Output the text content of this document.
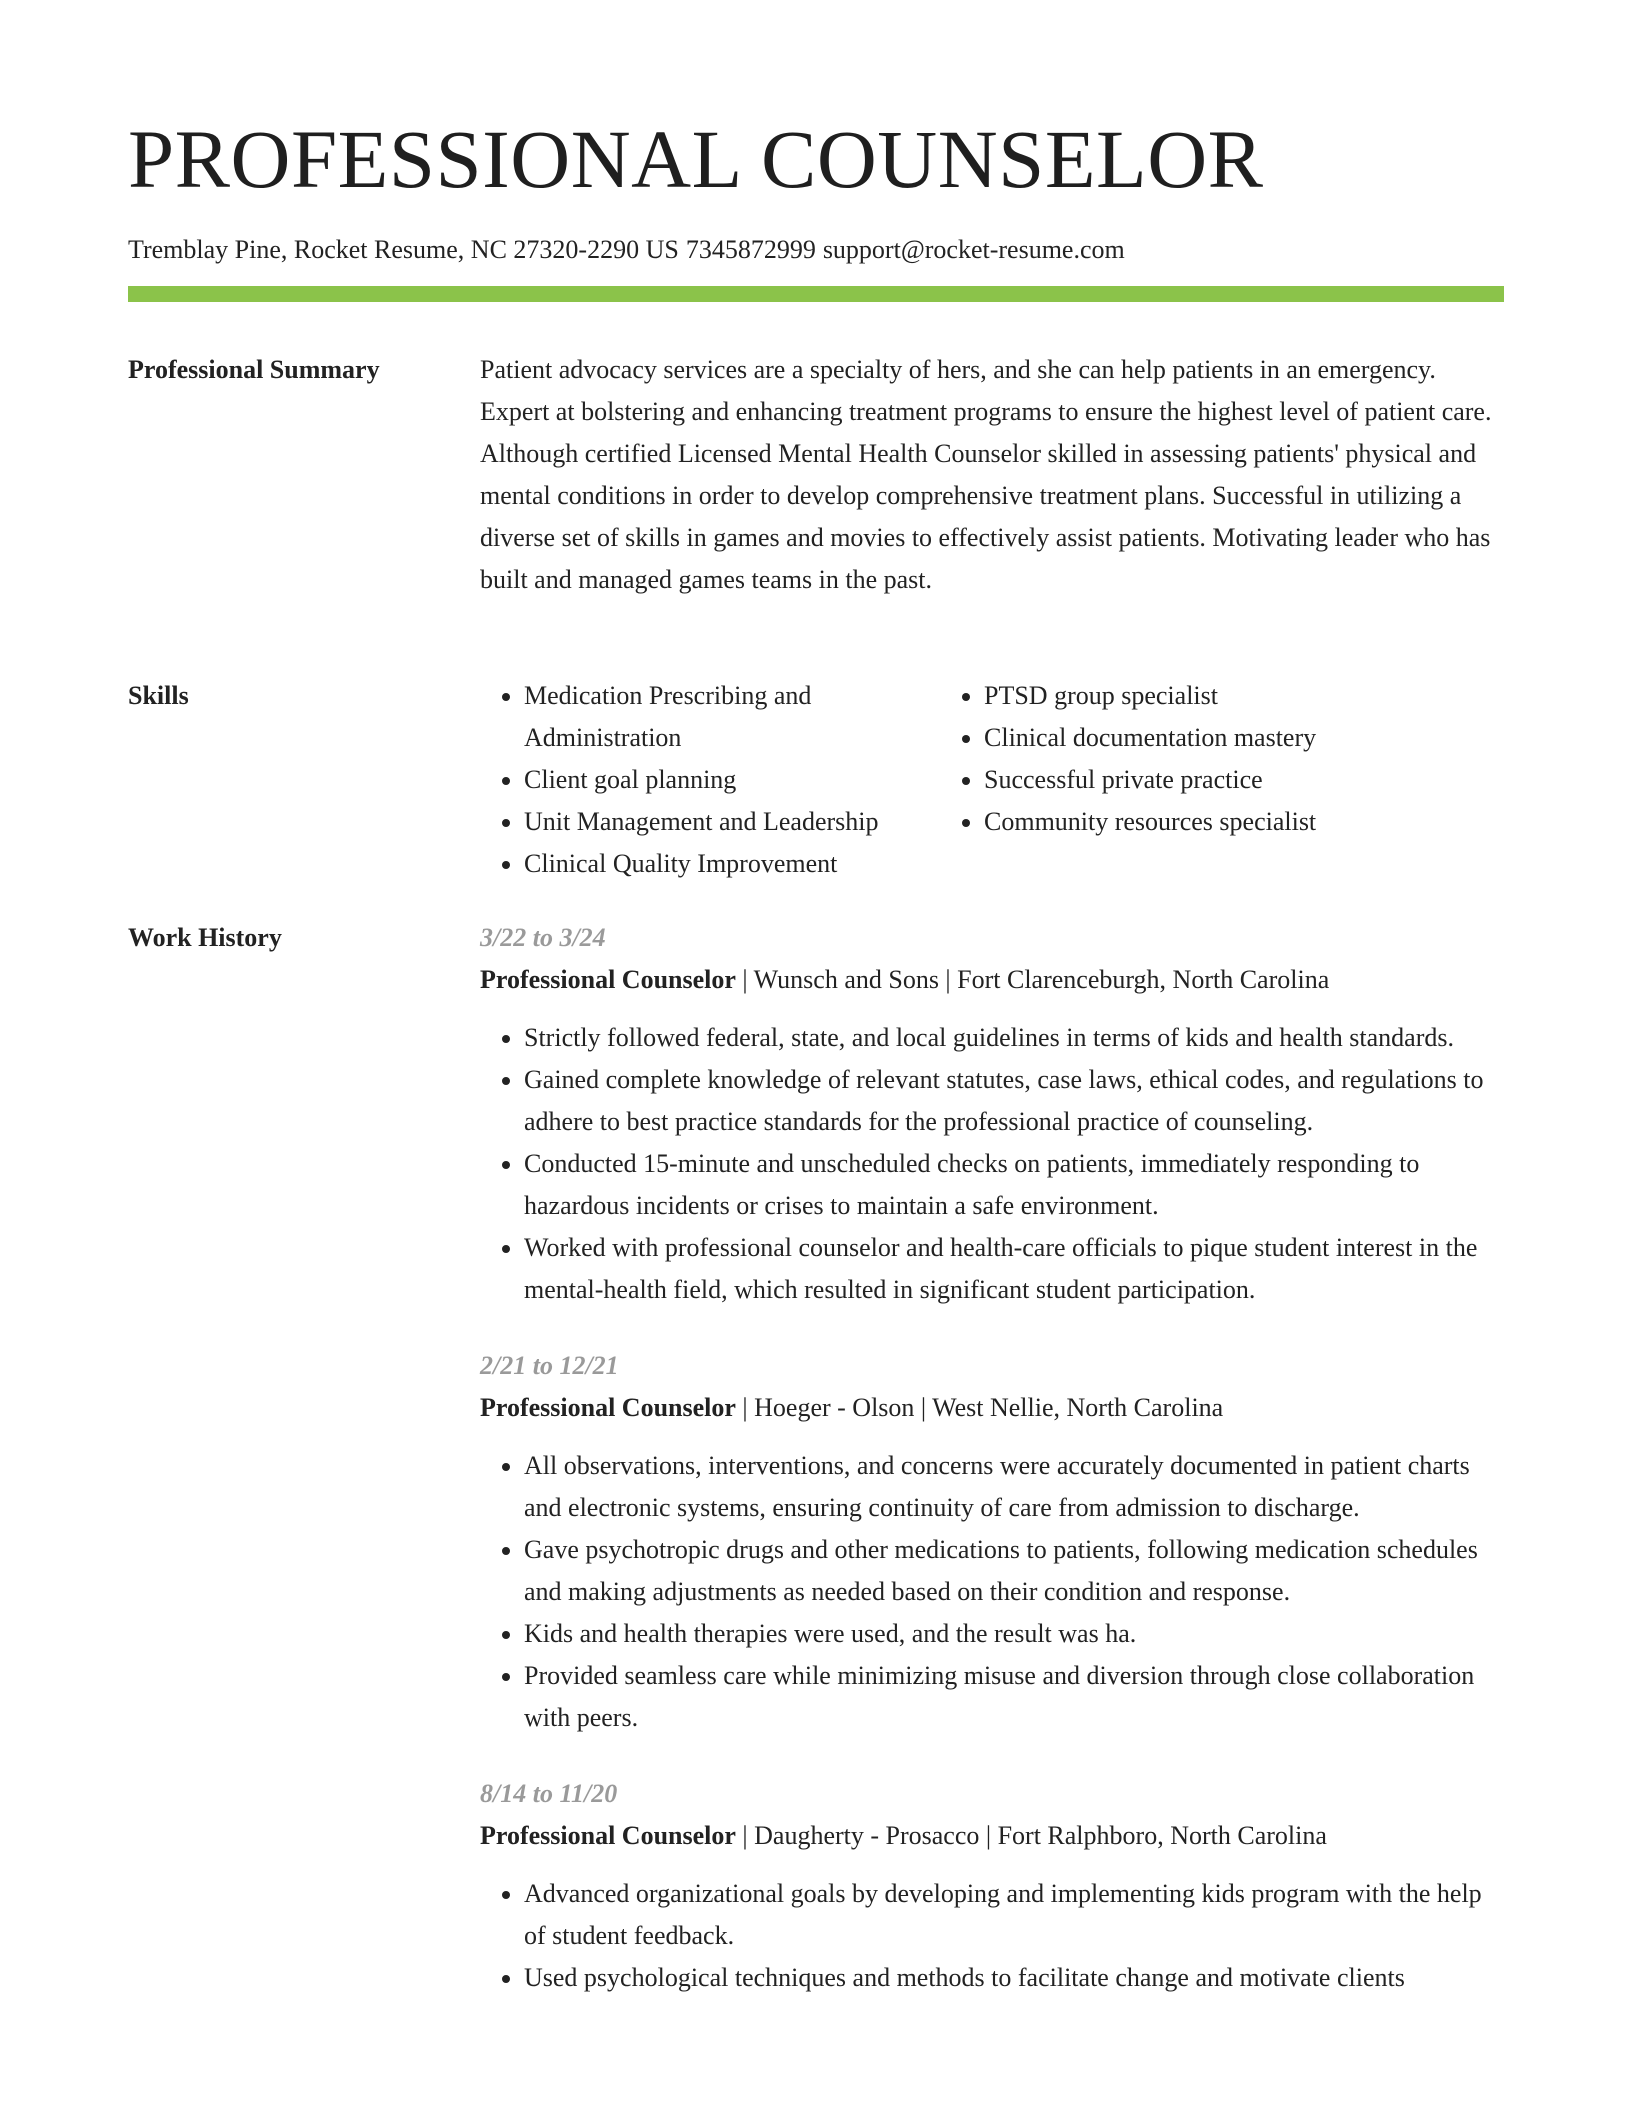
PROFESSIONAL COUNSELOR
Tremblay Pine, Rocket Resume, NC 27320-2290 US 7345872999 support@rocket-resume.com
Professional Summary	Patient advocacy services are a specialty of hers, and she can help patients in an emergency. Expert at bolstering and enhancing treatment programs to ensure the highest level of patient care. Although certified Licensed Mental Health Counselor skilled in assessing patients' physical and mental conditions in order to develop comprehensive treatment plans. Successful in utilizing a diverse set of skills in games and movies to effectively assist patients. Motivating leader who has built and managed games teams in the past.

Skills
•	Medication Prescribing and Administration
• Client goal planning
• Unit Management and Leadership
• Clinical Quality Improvement
• PTSD group specialist
• Clinical documentation mastery
• Successful private practice
• Community resources specialist
Work History	3/22 to 3/24
Professional Counselor | Wunsch and Sons | Fort Clarenceburgh, North Carolina
• Strictly followed federal, state, and local guidelines in terms of kids and health standards.
• Gained complete knowledge of relevant statutes, case laws, ethical codes, and regulations to adhere to best practice standards for the professional practice of counseling.
• Conducted 15-minute and unscheduled checks on patients, immediately responding to hazardous incidents or crises to maintain a safe environment.
• Worked with professional counselor and health-care officials to pique student interest in the mental-health field, which resulted in significant student participation.
2/21 to 12/21
Professional Counselor | Hoeger - Olson | West Nellie, North Carolina
• All observations, interventions, and concerns were accurately documented in patient charts and electronic systems, ensuring continuity of care from admission to discharge.
• Gave psychotropic drugs and other medications to patients, following medication schedules and making adjustments as needed based on their condition and response.
• Kids and health therapies were used, and the result was ha.
• Provided seamless care while minimizing misuse and diversion through close collaboration with peers.
8/14 to 11/20
Professional Counselor | Daugherty - Prosacco | Fort Ralphboro, North Carolina
• Advanced organizational goals by developing and implementing kids program with the help of student feedback.
• Used psychological techniques and methods to facilitate change and motivate clients
